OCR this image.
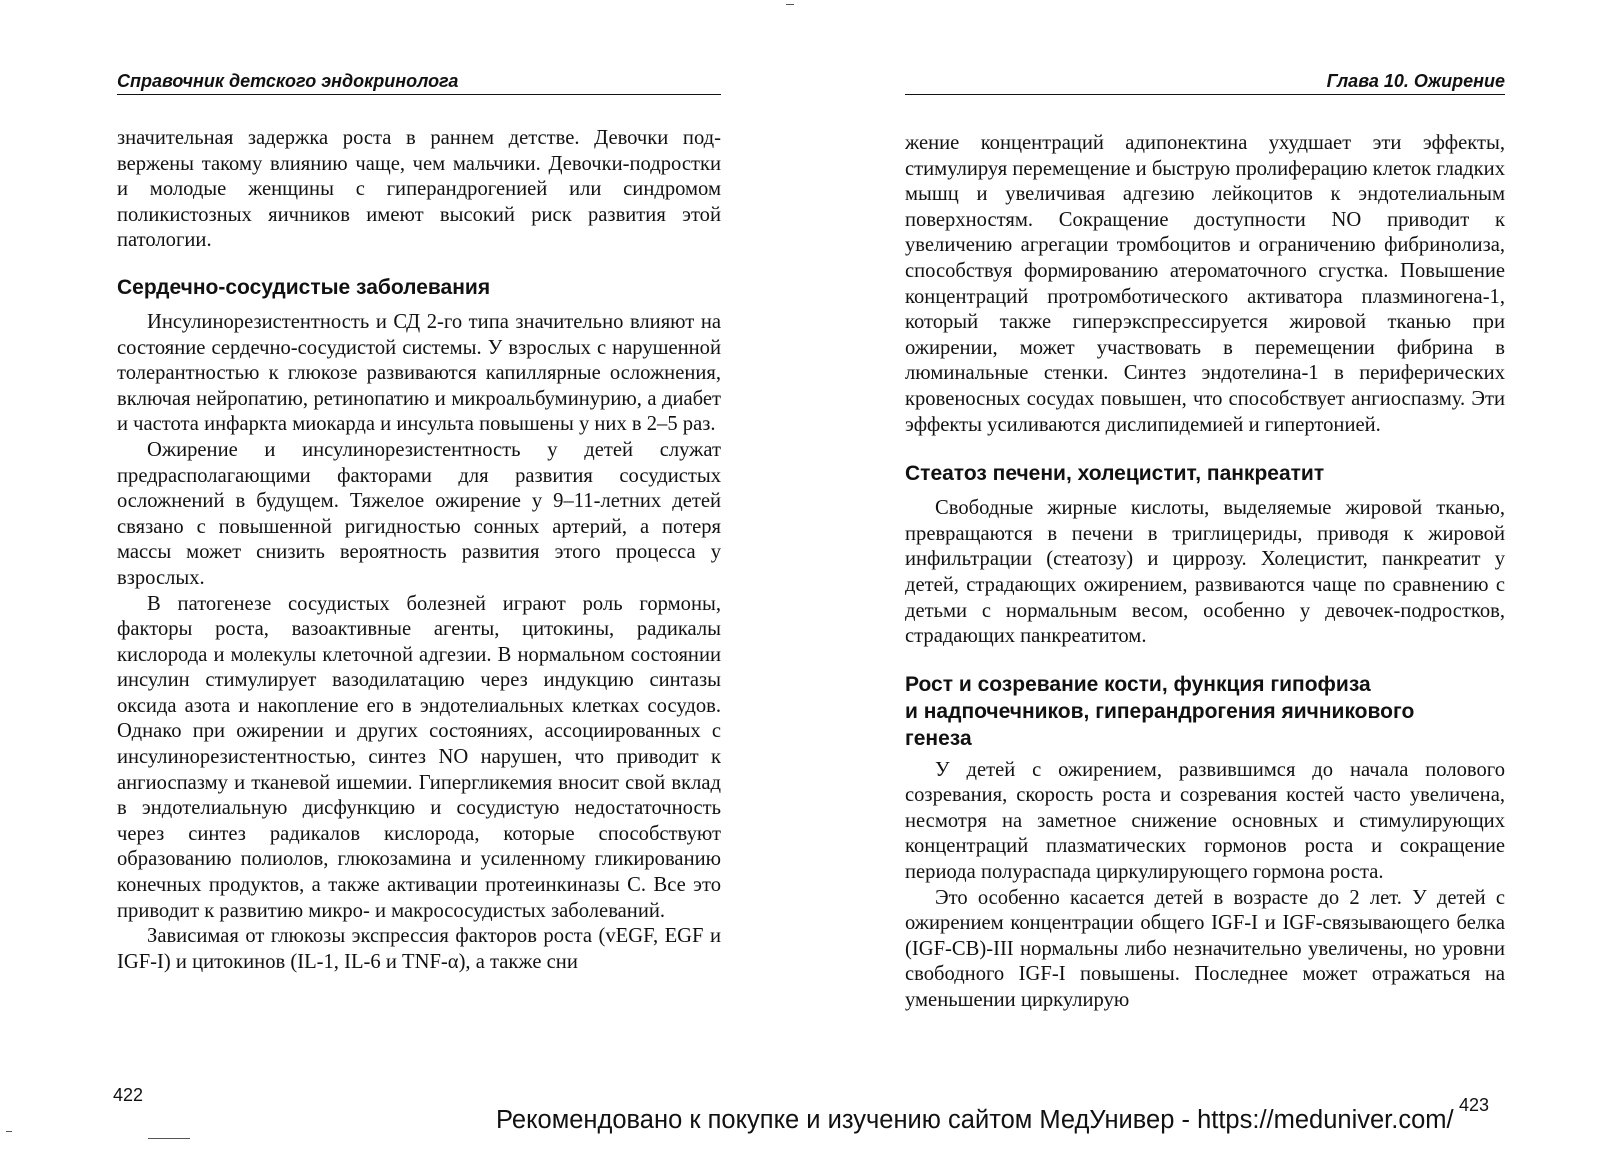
Справочник детского эндокринолога

значительная задержка роста в раннем детстве. Девочки подвержены такому влиянию чаще, чем мальчики. Девочки-подростки и молодые женщины с гиперандрогенией или синдромом поликистозных яичников имеют высокий риск развития этой патологии.

Сердечно-сосудистые заболевания

Инсулинорезистентность и СД 2-го типа значительно влияют на состояние сердечно-сосудистой системы. У взрослых с нарушенной толерантностью к глюкозе развиваются капиллярные осложнения, включая нейропатию, ретинопатию и микроальбуминурию, а диабет и частота инфаркта миокарда и инсульта повышены у них в 2–5 раз.

Ожирение и инсулинорезистентность у детей служат предрасполагающими факторами для развития сосудистых осложнений в будущем. Тяжелое ожирение у 9–11-летних детей связано с повышенной ригидностью сонных артерий, а потеря массы может снизить вероятность развития этого процесса у взрослых.

В патогенезе сосудистых болезней играют роль гормоны, факторы роста, вазоактивные агенты, цитокины, радикалы кислорода и молекулы клеточной адгезии. В нормальном состоянии инсулин стимулирует вазодилатацию через индукцию синтазы оксида азота и накопление его в эндотелиальных клетках сосудов. Однако при ожирении и других состояниях, ассоциированных с инсулинорезистентностью, синтез NO нарушен, что приводит к ангиоспазму и тканевой ишемии. Гипергликемия вносит свой вклад в эндотелиальную дисфункцию и сосудистую недостаточность через синтез радикалов кислорода, которые способствуют образованию полиолов, глюкозамина и усиленному гликированию конечных продуктов, а также активации протеинкиназы С. Все это приводит к развитию микро- и макрососудистых заболеваний.

Зависимая от глюкозы экспрессия факторов роста (vEGF, EGF и IGF-I) и цитокинов (IL-1, IL-6 и TNF-α), а также сни

422
Глава 10. Ожирение

жение концентраций адипонектина ухудшает эти эффекты, стимулируя перемещение и быструю пролиферацию клеток гладких мышц и увеличивая адгезию лейкоцитов к эндотелиальным поверхностям. Сокращение доступности NO приводит к увеличению агрегации тромбоцитов и ограничению фибринолиза, способствуя формированию атероматочного сгустка. Повышение концентраций протромботического активатора плазминогена-1, который также гиперэкспрессируется жировой тканью при ожирении, может участвовать в перемещении фибрина в люминальные стенки. Синтез эндотелина-1 в периферических кровеносных сосудах повышен, что способствует ангиоспазму. Эти эффекты усиливаются дислипидемией и гипертонией.

Стеатоз печени, холецистит, панкреатит

Свободные жирные кислоты, выделяемые жировой тканью, превращаются в печени в триглицериды, приводя к жировой инфильтрации (стеатозу) и циррозу. Холецистит, панкреатит у детей, страдающих ожирением, развиваются чаще по сравнению с детьми с нормальным весом, особенно у девочек-подростков, страдающих панкреатитом.

Рост и созревание кости, функция гипофиза
и надпочечников, гиперандрогения яичникового
генеза

У детей с ожирением, развившимся до начала полового созревания, скорость роста и созревания костей часто увеличена, несмотря на заметное снижение основных и стимулирующих концентраций плазматических гормонов роста и сокращение периода полураспада циркулирующего гормона роста.

Это особенно касается детей в возрасте до 2 лет. У детей с ожирением концентрации общего IGF-I и IGF-связывающего белка (IGF-CB)-III нормальны либо незначительно увеличены, но уровни свободного IGF-I повышены. Последнее может отражаться на уменьшении циркулирую

423
Рекомендовано к покупке и изучению сайтом МедУнивер - https://meduniver.com/
